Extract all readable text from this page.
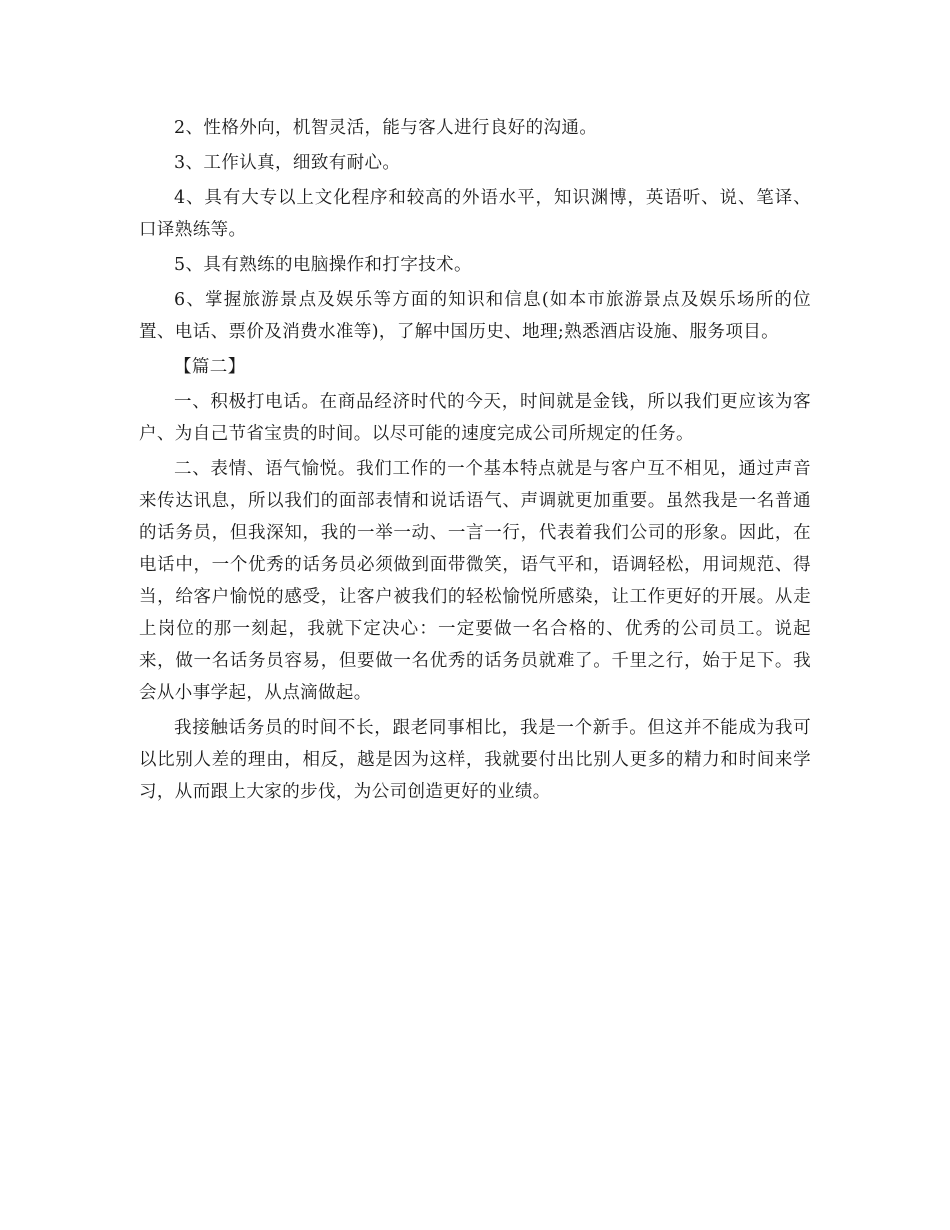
2、性格外向，机智灵活，能与客人进行良好的沟通。

3、工作认真，细致有耐心。

4、具有大专以上文化程序和较高的外语水平，知识渊博，英语听、说、笔译、口译熟练等。

5、具有熟练的电脑操作和打字技术。

6、掌握旅游景点及娱乐等方面的知识和信息(如本市旅游景点及娱乐场所的位置、电话、票价及消费水准等)，了解中国历史、地理;熟悉酒店设施、服务项目。

【篇二】

一、积极打电话。在商品经济时代的今天，时间就是金钱，所以我们更应该为客户、为自己节省宝贵的时间。以尽可能的速度完成公司所规定的任务。

二、表情、语气愉悦。我们工作的一个基本特点就是与客户互不相见，通过声音来传达讯息，所以我们的面部表情和说话语气、声调就更加重要。虽然我是一名普通的话务员，但我深知，我的一举一动、一言一行，代表着我们公司的形象。因此，在电话中，一个优秀的话务员必须做到面带微笑，语气平和，语调轻松，用词规范、得当，给客户愉悦的感受，让客户被我们的轻松愉悦所感染，让工作更好的开展。从走上岗位的那一刻起，我就下定决心：一定要做一名合格的、优秀的公司员工。说起来，做一名话务员容易，但要做一名优秀的话务员就难了。千里之行，始于足下。我会从小事学起，从点滴做起。

我接触话务员的时间不长，跟老同事相比，我是一个新手。但这并不能成为我可以比别人差的理由，相反，越是因为这样，我就要付出比别人更多的精力和时间来学习，从而跟上大家的步伐，为公司创造更好的业绩。
